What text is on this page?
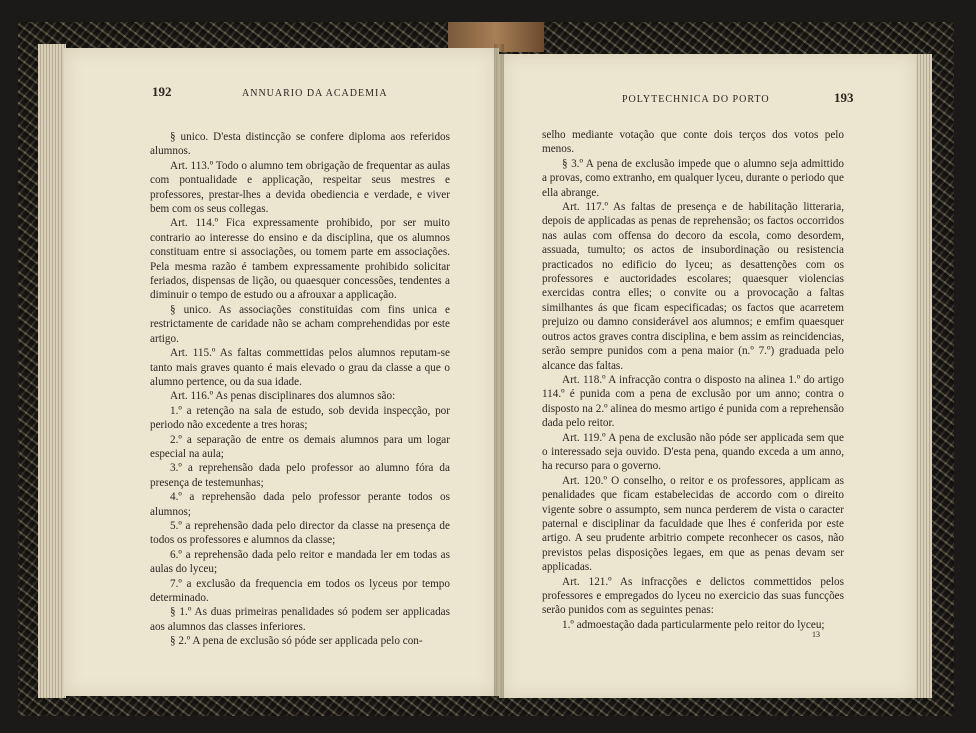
192	ANNUARIO DA ACADEMIA

§ unico. D'esta distincção se confere diploma aos referidos alumnos.

Art. 113.º Todo o alumno tem obrigação de frequentar as aulas com pontualidade e applicação, respeitar seus mestres e professores, prestar-lhes a devida obediencia e verdade, e viver bem com os seus collegas.

Art. 114.º Fica expressamente prohibido, por ser muito contrario ao interesse do ensino e da disciplina, que os alumnos constituam entre si associações, ou tomem parte em associações. Pela mesma razão é tambem expressamente prohibido solicitar feriados, dispensas de lição, ou quaesquer concessões, tendentes a diminuir o tempo de estudo ou a afrouxar a applicação.

§ unico. As associações constituidas com fins unica e restrictamente de caridade não se acham comprehendidas por este artigo.

Art. 115.º As faltas commettidas pelos alumnos reputam-se tanto mais graves quanto é mais elevado o grau da classe a que o alumno pertence, ou da sua idade.

Art. 116.º As penas disciplinares dos alumnos são:

1.º a retenção na sala de estudo, sob devida inspecção, por periodo não excedente a tres horas;

2.º a separação de entre os demais alumnos para um logar especial na aula;

3.º a reprehensão dada pelo professor ao alumno fóra da presença de testemunhas;

4.º a reprehensão dada pelo professor perante todos os alumnos;

5.º a reprehensão dada pelo director da classe na presença de todos os professores e alumnos da classe;

6.º a reprehensão dada pelo reitor e mandada ler em todas as aulas do lyceu;

7.º a exclusão da frequencia em todos os lyceus por tempo determinado.

§ 1.º As duas primeiras penalidades só podem ser applicadas aos alumnos das classes inferiores.

§ 2.º A pena de exclusão só póde ser applicada pelo con-

POLYTECHNICA DO PORTO	193

selho mediante votação que conte dois terços dos votos pelo menos.

§ 3.º A pena de exclusão impede que o alumno seja admittido a provas, como extranho, em qualquer lyceu, durante o periodo que ella abrange.

Art. 117.º As faltas de presença e de habilitação litteraria, depois de applicadas as penas de reprehensão; os factos occorridos nas aulas com offensa do decoro da escola, como desordem, assuada, tumulto; os actos de insubordinação ou resistencia practicados no edificio do lyceu; as desattenções com os professores e auctoridades escolares; quaesquer violencias exercidas contra elles; o convite ou a provocação a faltas similhantes ás que ficam especificadas; os factos que acarretem prejuizo ou damno considerável aos alumnos; e emfim quaesquer outros actos graves contra disciplina, e bem assim as reincidencias, serão sempre punidos com a pena maior (n.º 7.º) graduada pelo alcance das faltas.

Art. 118.º A infracção contra o disposto na alinea 1.º do artigo 114.º é punida com a pena de exclusão por um anno; contra o disposto na 2.º alinea do mesmo artigo é punida com a reprehensão dada pelo reitor.

Art. 119.º A pena de exclusão não póde ser applicada sem que o interessado seja ouvido. D'esta pena, quando exceda a um anno, ha recurso para o governo.

Art. 120.º O conselho, o reitor e os professores, applicam as penalidades que ficam estabelecidas de accordo com o direito vigente sobre o assumpto, sem nunca perderem de vista o caracter paternal e disciplinar da faculdade que lhes é conferida por este artigo. A seu prudente arbitrio compete reconhecer os casos, não previstos pelas disposições legaes, em que as penas devam ser applicadas.

Art. 121.º As infracções e delictos commettidos pelos professores e empregados do lyceu no exercicio das suas funcções serão punidos com as seguintes penas:

1.º admoestação dada particularmente pelo reitor do lyceu;

13
